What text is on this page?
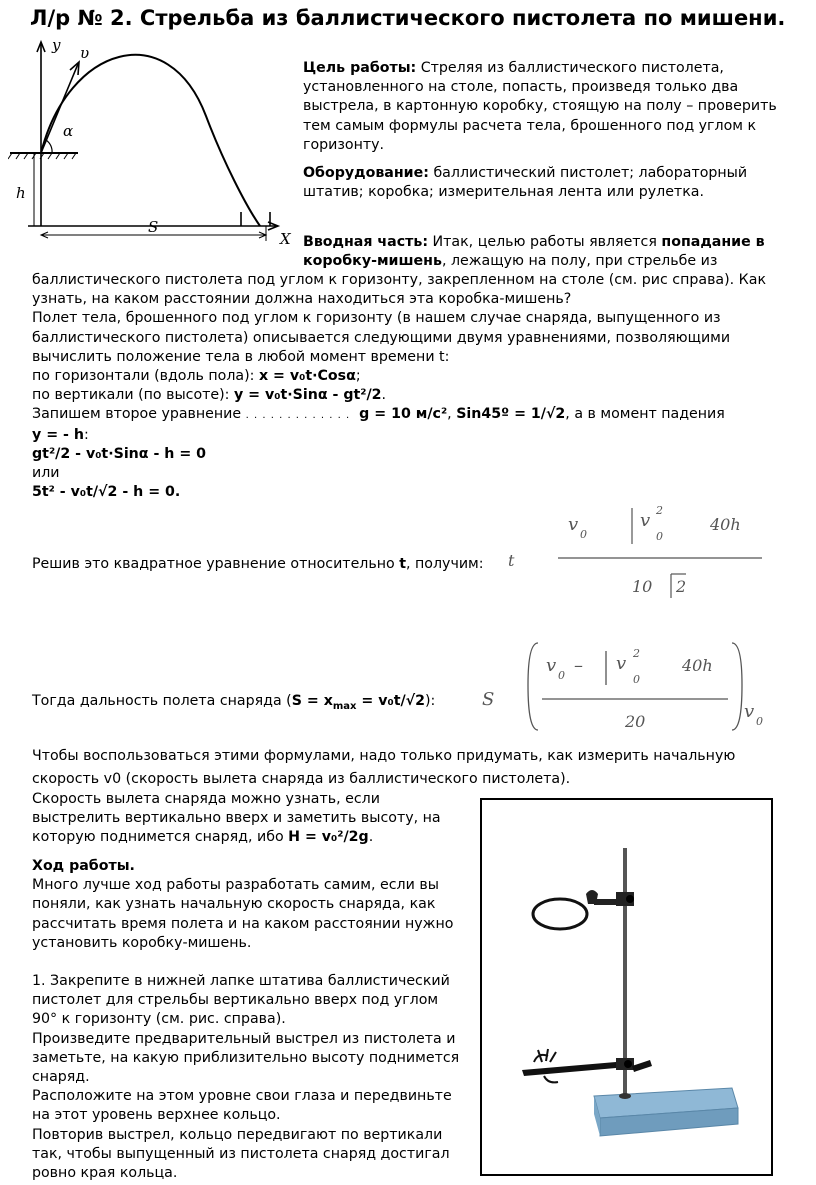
Л/р № 2. Стрельба из баллистического пистолета по мишени.
y υ
α
h
S
X
Цель работы: Стреляя из баллистического пистолета,
установленного на столе, попасть, произведя только два
выстрела, в картонную коробку, стоящую на полу – проверить
тем самым формулы расчета тела, брошенного под углом к
горизонту.
Оборудование: баллистический пистолет; лабораторный
штатив; коробка; измерительная лента или рулетка.
Вводная часть: Итак, целью работы является попадание в
коробку-мишень, лежащую на полу, при стрельбе из
баллистического пистолета под углом к горизонту, закрепленном на столе (см. рис справа). Как
узнать, на каком расстоянии должна находиться эта коробка-мишень?
Полет тела, брошенного под углом к горизонту (в нашем случае снаряда, выпущенного из
баллистического пистолета) описывается следующими двумя уравнениями, позволяющими
вычислить положение тела в любой момент времени t:
по горизонтали (вдоль пола): x = v₀t·Cosα;
по вертикали (по высоте): y = v₀t·Sinα - gt²/2.
Запишем второе уравнение . . . . . . . . . . . . . g = 10 м/с², Sin45º = 1/√2, а в момент падения
y = - h:
gt²/2 - v₀t·Sinα - h = 0
или
5t² - v₀t/√2 - h = 0.
Решив это квадратное уравнение относительно t, получим: t
v 0
v 2
0
40h
10 2
Тогда дальность полета снаряда $(S = x_{max} = v_0t/√2)$:	S
v 0 – v 2
0
40h
20	v 0
Чтобы воспользоваться этими формулами, надо только придумать, как измерить начальную
скорость v0 (скорость вылета снаряда из баллистического пистолета).
Скорость вылета снаряда можно узнать, если
выстрелить вертикально вверх и заметить высоту, на
которую поднимется снаряд, ибо H = v₀²/2g.
Ход работы.
Много лучше ход работы разработать самим, если вы
поняли, как узнать начальную скорость снаряда, как
рассчитать время полета и на каком расстоянии нужно
установить коробку-мишень.
1. Закрепите в нижней лапке штатива баллистический
пистолет для стрельбы вертикально вверх под углом
90° к горизонту (см. рис. справа).
Произведите предварительный выстрел из пистолета и
заметьте, на какую приблизительно высоту поднимется
снаряд.
Расположите на этом уровне свои глаза и передвиньте
на этот уровень верхнее кольцо.
Повторив выстрел, кольцо передвигают по вертикали
так, чтобы выпущенный из пистолета снаряд достигал
ровно края кольца.
